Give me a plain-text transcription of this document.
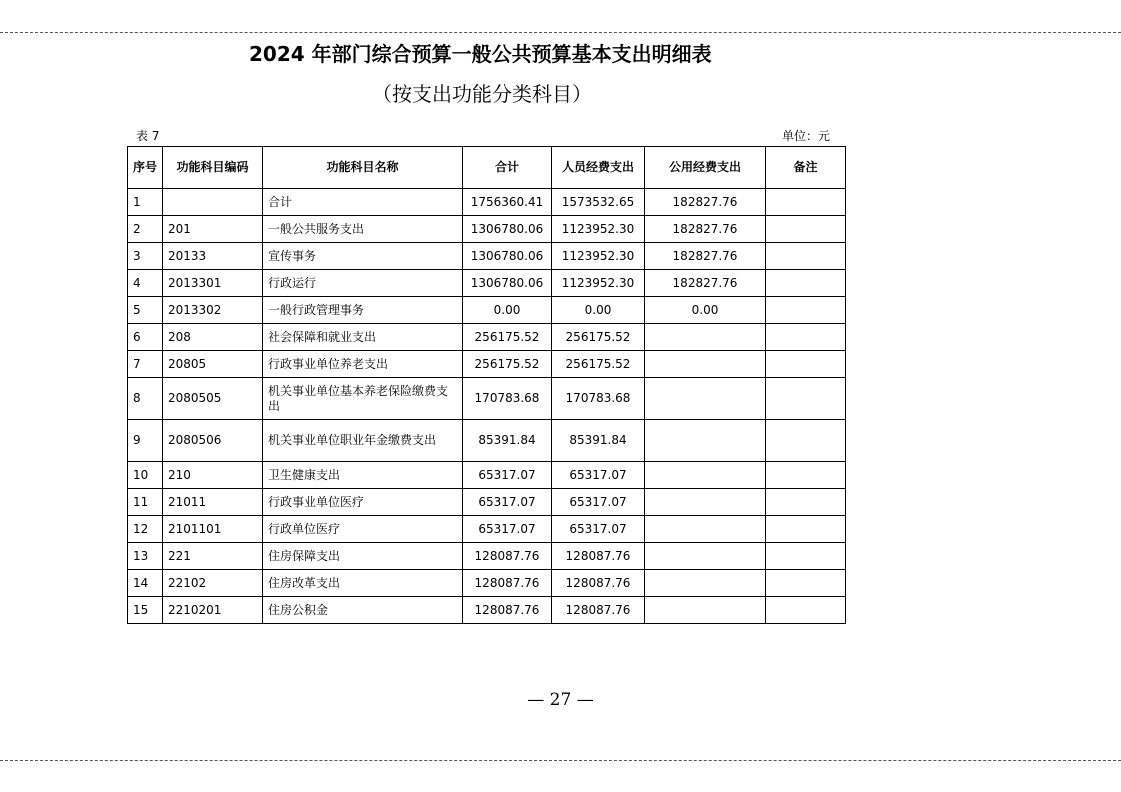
2024 年部门综合预算一般公共预算基本支出明细表
（按支出功能分类科目）
表 7	单位：元
序号	功能科目编码	功能科目名称	合计	人员经费支出	公用经费支出	备注
1		合计	1756360.41	1573532.65	182827.76	
2	201	一般公共服务支出	1306780.06	1123952.30	182827.76	
3	20133	宣传事务	1306780.06	1123952.30	182827.76	
4	2013301	行政运行	1306780.06	1123952.30	182827.76	
5	2013302	一般行政管理事务	0.00	0.00	0.00	
6	208	社会保障和就业支出	256175.52	256175.52		
7	20805	行政事业单位养老支出	256175.52	256175.52		
8	2080505	机关事业单位基本养老保险缴费支出	170783.68	170783.68		
9	2080506	机关事业单位职业年金缴费支出	85391.84	85391.84		
10	210	卫生健康支出	65317.07	65317.07		
11	21011	行政事业单位医疗	65317.07	65317.07		
12	2101101	行政单位医疗	65317.07	65317.07		
13	221	住房保障支出	128087.76	128087.76		
14	22102	住房改革支出	128087.76	128087.76		
15	2210201	住房公积金	128087.76	128087.76		
— 27 —
